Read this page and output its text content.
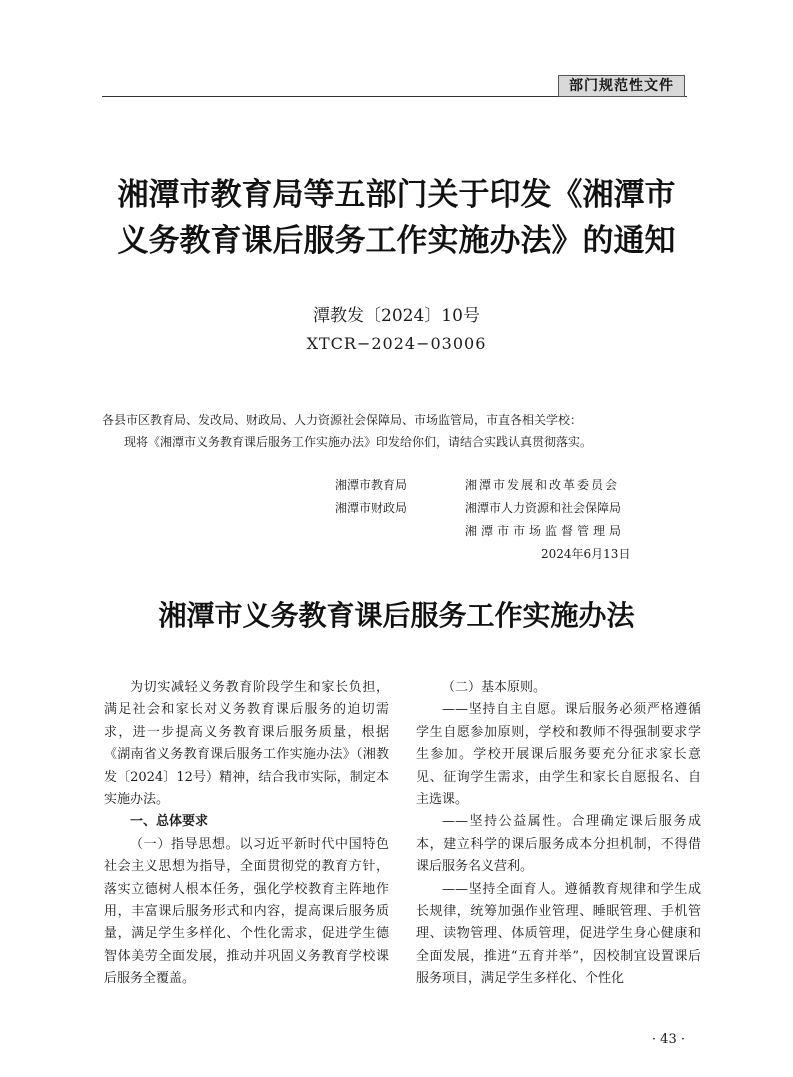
部门规范性文件
湘潭市教育局等五部门关于印发《湘潭市
义务教育课后服务工作实施办法》的通知
潭教发〔2024〕10号
XTCR−2024−03006
各县市区教育局、发改局、财政局、人力资源社会保障局、市场监管局，市直各相关学校：
现将《湘潭市义务教育课后服务工作实施办法》印发给你们，请结合实践认真贯彻落实。
湘潭市教育局
湘潭市财政局
湘潭市发展和改革委员会
湘潭市人力资源和社会保障局
湘潭市市场监督管理局
2024年6月13日
湘潭市义务教育课后服务工作实施办法

为切实减轻义务教育阶段学生和家长负担，满足社会和家长对义务教育课后服务的迫切需求，进一步提高义务教育课后服务质量，根据《湖南省义务教育课后服务工作实施办法》（湘教发〔2024〕12号）精神，结合我市实际，制定本实施办法。

一、总体要求

（一）指导思想。以习近平新时代中国特色社会主义思想为指导，全面贯彻党的教育方针，落实立德树人根本任务，强化学校教育主阵地作用，丰富课后服务形式和内容，提高课后服务质量，满足学生多样化、个性化需求，促进学生德智体美劳全面发展，推动并巩固义务教育学校课后服务全覆盖。

（二）基本原则。

——坚持自主自愿。课后服务必须严格遵循学生自愿参加原则，学校和教师不得强制要求学生参加。学校开展课后服务要充分征求家长意见、征询学生需求，由学生和家长自愿报名、自主选课。

——坚持公益属性。合理确定课后服务成本，建立科学的课后服务成本分担机制，不得借课后服务名义营利。

——坚持全面育人。遵循教育规律和学生成长规律，统筹加强作业管理、睡眠管理、手机管理、读物管理、体质管理，促进学生身心健康和全面发展，推进“五育并举”，因校制宜设置课后服务项目，满足学生多样化、个性化

· 43 ·
